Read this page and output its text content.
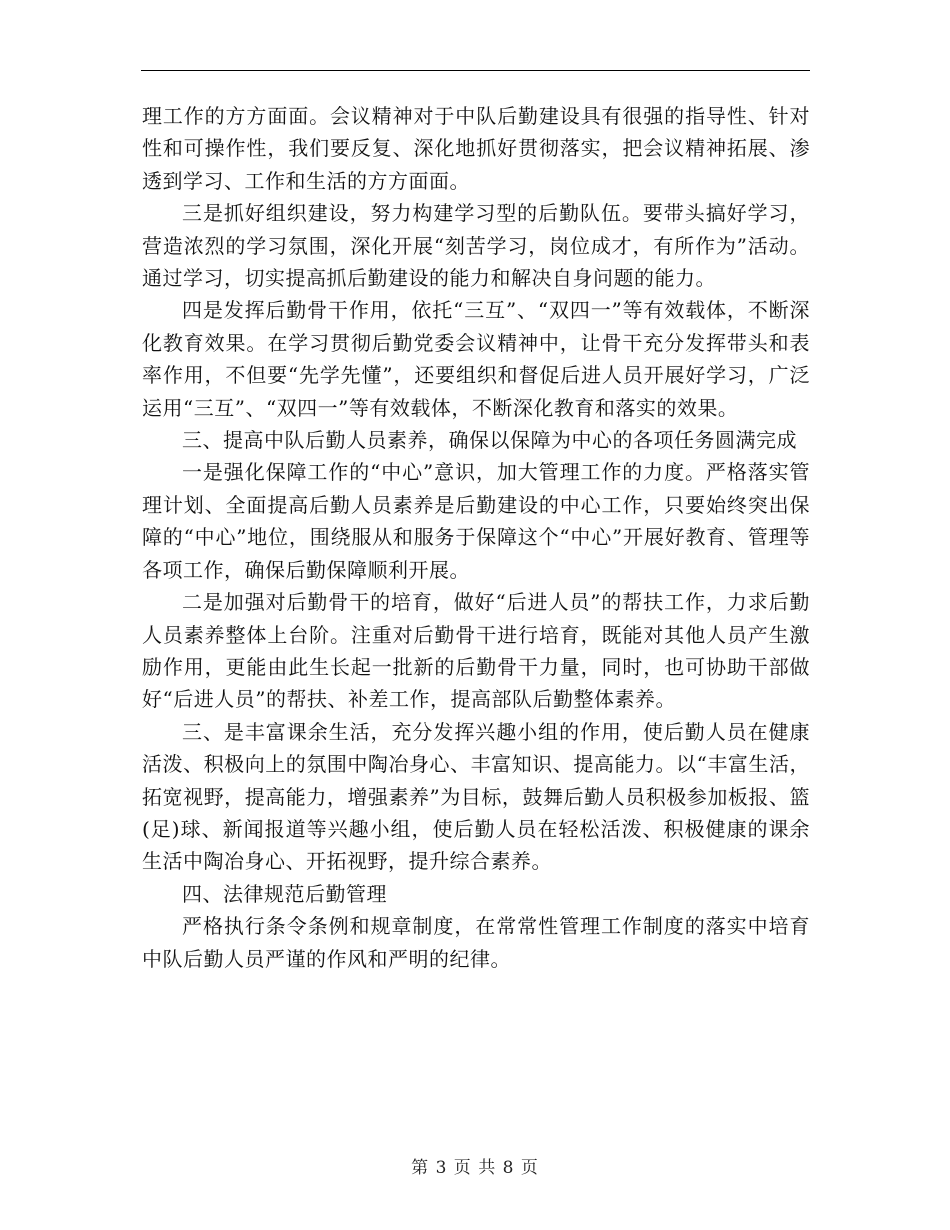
理工作的方方面面。会议精神对于中队后勤建设具有很强的指导性、针对性和可操作性，我们要反复、深化地抓好贯彻落实，把会议精神拓展、渗透到学习、工作和生活的方方面面。

三是抓好组织建设，努力构建学习型的后勤队伍。要带头搞好学习，营造浓烈的学习氛围，深化开展“刻苦学习，岗位成才，有所作为”活动。通过学习，切实提高抓后勤建设的能力和解决自身问题的能力。

四是发挥后勤骨干作用，依托“三互”、“双四一”等有效载体，不断深化教育效果。在学习贯彻后勤党委会议精神中，让骨干充分发挥带头和表率作用，不但要“先学先懂”，还要组织和督促后进人员开展好学习，广泛运用“三互”、“双四一”等有效载体，不断深化教育和落实的效果。

三、提高中队后勤人员素养，确保以保障为中心的各项任务圆满完成

一是强化保障工作的“中心”意识，加大管理工作的力度。严格落实管理计划、全面提高后勤人员素养是后勤建设的中心工作，只要始终突出保障的“中心”地位，围绕服从和服务于保障这个“中心”开展好教育、管理等各项工作，确保后勤保障顺利开展。

二是加强对后勤骨干的培育，做好“后进人员”的帮扶工作，力求后勤人员素养整体上台阶。注重对后勤骨干进行培育，既能对其他人员产生激励作用，更能由此生长起一批新的后勤骨干力量，同时，也可协助干部做好“后进人员”的帮扶、补差工作，提高部队后勤整体素养。

三、是丰富课余生活，充分发挥兴趣小组的作用，使后勤人员在健康活泼、积极向上的氛围中陶冶身心、丰富知识、提高能力。以“丰富生活，拓宽视野，提高能力，增强素养”为目标，鼓舞后勤人员积极参加板报、篮(足)球、新闻报道等兴趣小组，使后勤人员在轻松活泼、积极健康的课余生活中陶冶身心、开拓视野，提升综合素养。

四、法律规范后勤管理

严格执行条令条例和规章制度，在常常性管理工作制度的落实中培育中队后勤人员严谨的作风和严明的纪律。

第 3 页 共 8 页
